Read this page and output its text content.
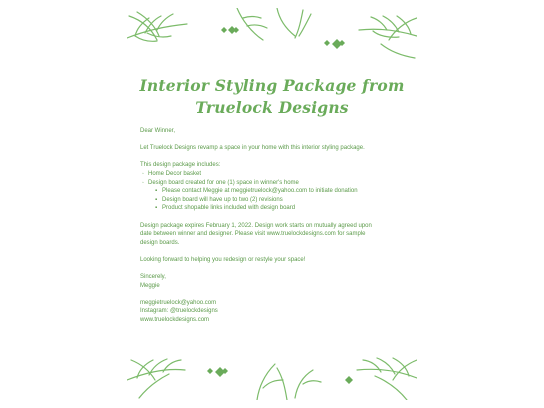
Interior Styling Package from
Truelock Designs

Dear Winner,

Let Truelock Designs revamp a space in your home with this interior styling package.

This design package includes:

◦ Home Decor basket

◦ Design board created for one (1) space in winner's home

▪ Please contact Meggie at meggietruelock@yahoo.com to initiate donation

▪ Design board will have up to two (2) revisions

▪ Product shopable links included with design board

Design package expires February 1, 2022. Design work starts on mutually agreed upon

date between winner and designer. Please visit www.truelockdesigns.com for sample

design boards.

Looking forward to helping you redesign or restyle your space!

Sincerely,

Meggie

meggietruelock@yahoo.com

Instagram: @truelockdesigns

www.truelockdesigns.com
